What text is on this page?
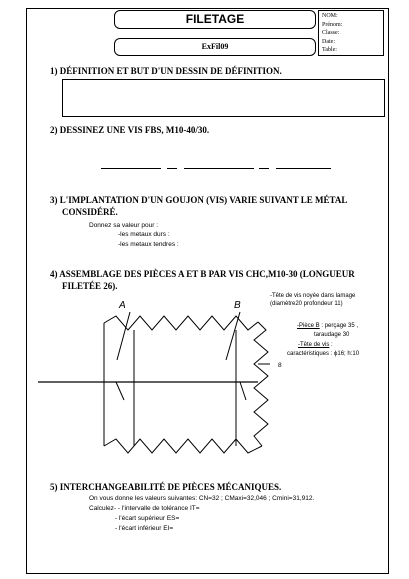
FILETAGE
ExFil09
NOM:
Prénom:
Classe:
Date:
Table:
1) DÉFINITION ET BUT D'UN DESSIN DE DÉFINITION.
2) DESSINEZ UNE VIS FBS, M10-40/30.
3) L'IMPLANTATION D'UN GOUJON (VIS) VARIE SUIVANT LE MÉTAL
CONSIDÉRÉ.
Donnez sa valeur pour :
-les metaux durs :
-les metaux tendres :
4) ASSEMBLAGE DES PIÈCES A ET B PAR VIS CHC,M10-30 (LONGUEUR
FILETÉE 26).
A	B
8
-Tête de vis noyée dans lamage (diamètre20 profondeur 11)
-Pièce B : perçage 35 ,
taraudage 30
-Tête de vis :
caractéristiques : ϕ16; h:10
5) INTERCHANGEABILITÉ DE PIÈCES MÉCANIQUES.
On vous donne les valeurs suivantes: CN=32 ; CMaxi=32,046 ; Cmini=31,912.
Calculez- - l'intervalle de tolérance IT=
- l'écart supérieur ES=
- l'écart inférieur EI=
